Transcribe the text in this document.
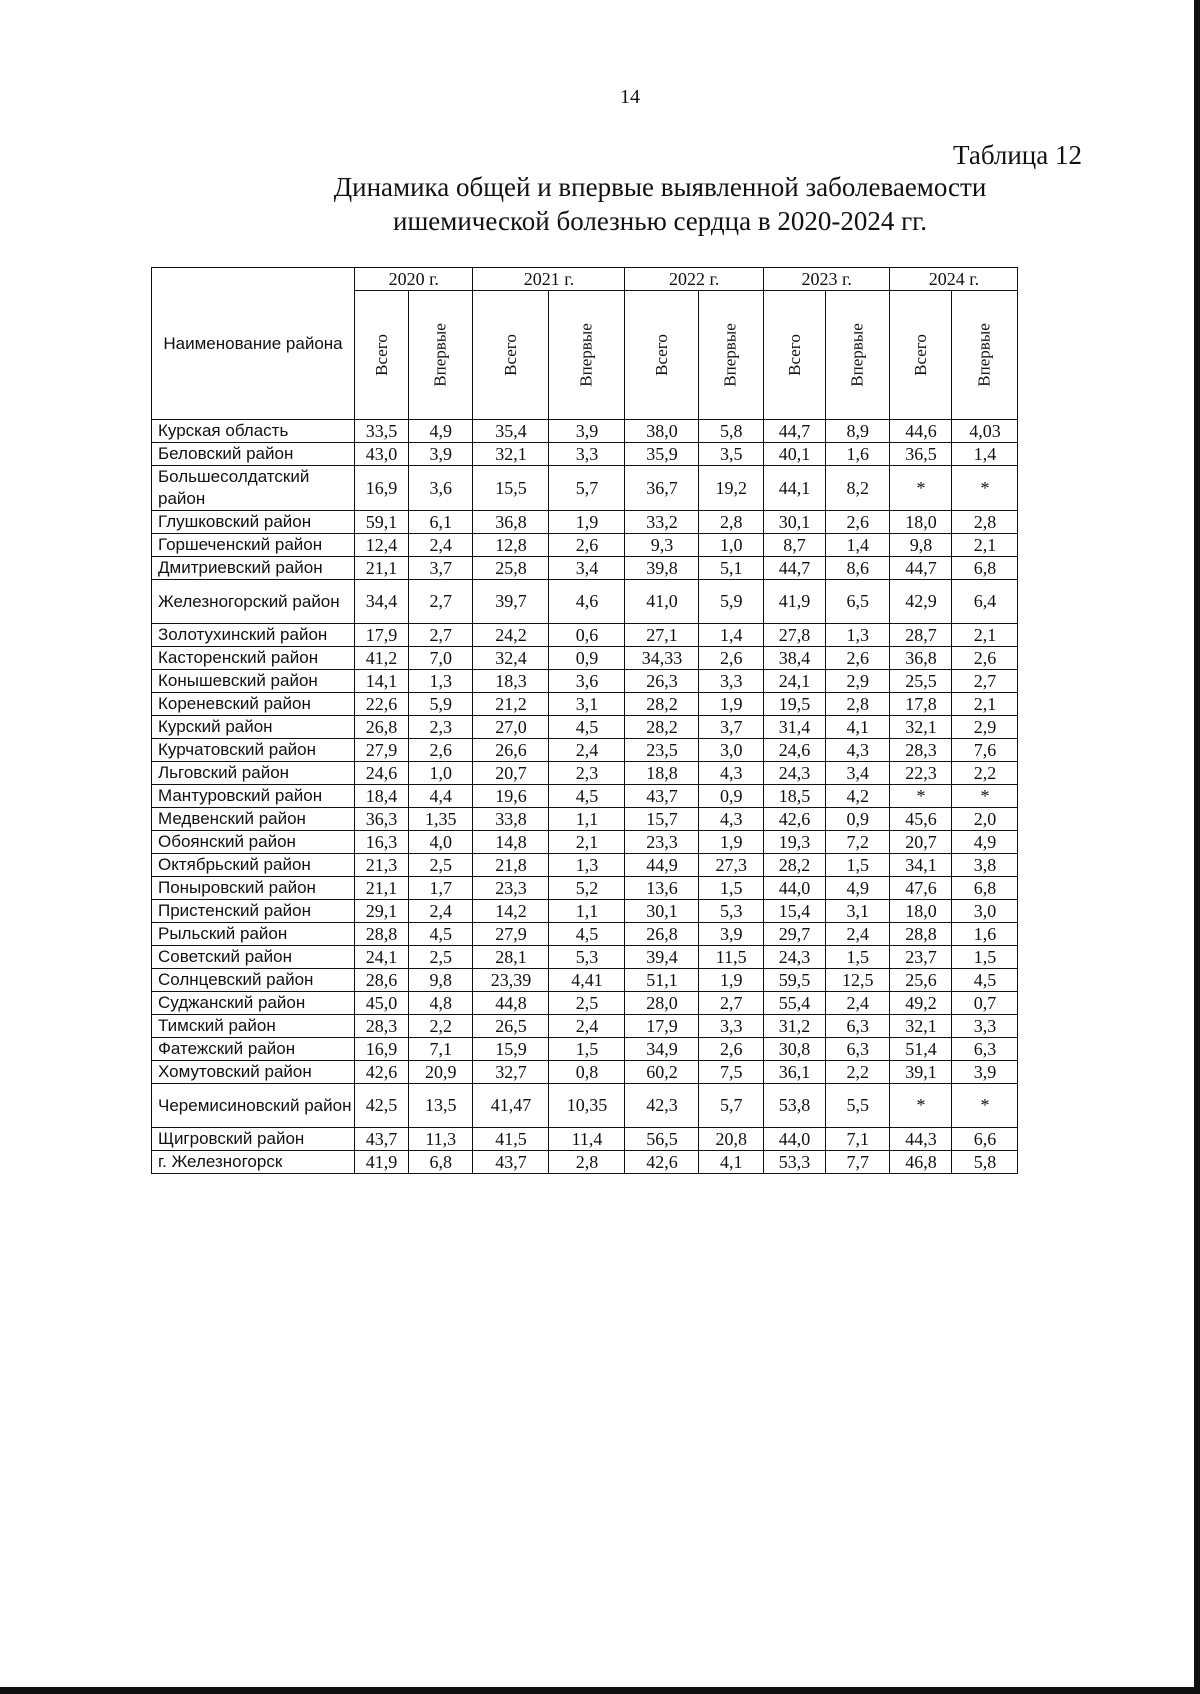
14
Таблица 12
Динамика общей и впервые выявленной заболеваемости
ишемической болезнью сердца в 2020-2024 гг.
Наименование района	2020 г.		2021 г.		2022 г.		2023 г.		2024 г.	
	Всего	Впервые	Всего	Впервые	Всего	Впервые	Всего	Впервые	Всего	Впервые
Курская область	33,5	4,9	35,4	3,9	38,0	5,8	44,7	8,9	44,6	4,03
Беловский район	43,0	3,9	32,1	3,3	35,9	3,5	40,1	1,6	36,5	1,4
Большесолдатский район	16,9	3,6	15,5	5,7	36,7	19,2	44,1	8,2	*	*
Глушковский район	59,1	6,1	36,8	1,9	33,2	2,8	30,1	2,6	18,0	2,8
Горшеченский район	12,4	2,4	12,8	2,6	9,3	1,0	8,7	1,4	9,8	2,1
Дмитриевский район	21,1	3,7	25,8	3,4	39,8	5,1	44,7	8,6	44,7	6,8
Железногорский район	34,4	2,7	39,7	4,6	41,0	5,9	41,9	6,5	42,9	6,4
Золотухинский район	17,9	2,7	24,2	0,6	27,1	1,4	27,8	1,3	28,7	2,1
Касторенский район	41,2	7,0	32,4	0,9	34,33	2,6	38,4	2,6	36,8	2,6
Конышевский район	14,1	1,3	18,3	3,6	26,3	3,3	24,1	2,9	25,5	2,7
Кореневский район	22,6	5,9	21,2	3,1	28,2	1,9	19,5	2,8	17,8	2,1
Курский район	26,8	2,3	27,0	4,5	28,2	3,7	31,4	4,1	32,1	2,9
Курчатовский район	27,9	2,6	26,6	2,4	23,5	3,0	24,6	4,3	28,3	7,6
Льговский район	24,6	1,0	20,7	2,3	18,8	4,3	24,3	3,4	22,3	2,2
Мантуровский район	18,4	4,4	19,6	4,5	43,7	0,9	18,5	4,2	*	*
Медвенский район	36,3	1,35	33,8	1,1	15,7	4,3	42,6	0,9	45,6	2,0
Обоянский район	16,3	4,0	14,8	2,1	23,3	1,9	19,3	7,2	20,7	4,9
Октябрьский район	21,3	2,5	21,8	1,3	44,9	27,3	28,2	1,5	34,1	3,8
Поныровский район	21,1	1,7	23,3	5,2	13,6	1,5	44,0	4,9	47,6	6,8
Пристенский район	29,1	2,4	14,2	1,1	30,1	5,3	15,4	3,1	18,0	3,0
Рыльский район	28,8	4,5	27,9	4,5	26,8	3,9	29,7	2,4	28,8	1,6
Советский район	24,1	2,5	28,1	5,3	39,4	11,5	24,3	1,5	23,7	1,5
Солнцевский район	28,6	9,8	23,39	4,41	51,1	1,9	59,5	12,5	25,6	4,5
Суджанский район	45,0	4,8	44,8	2,5	28,0	2,7	55,4	2,4	49,2	0,7
Тимский район	28,3	2,2	26,5	2,4	17,9	3,3	31,2	6,3	32,1	3,3
Фатежский район	16,9	7,1	15,9	1,5	34,9	2,6	30,8	6,3	51,4	6,3
Хомутовский район	42,6	20,9	32,7	0,8	60,2	7,5	36,1	2,2	39,1	3,9
Черемисиновский район	42,5	13,5	41,47	10,35	42,3	5,7	53,8	5,5	*	*
Щигровский район	43,7	11,3	41,5	11,4	56,5	20,8	44,0	7,1	44,3	6,6
г. Железногорск	41,9	6,8	43,7	2,8	42,6	4,1	53,3	7,7	46,8	5,8
